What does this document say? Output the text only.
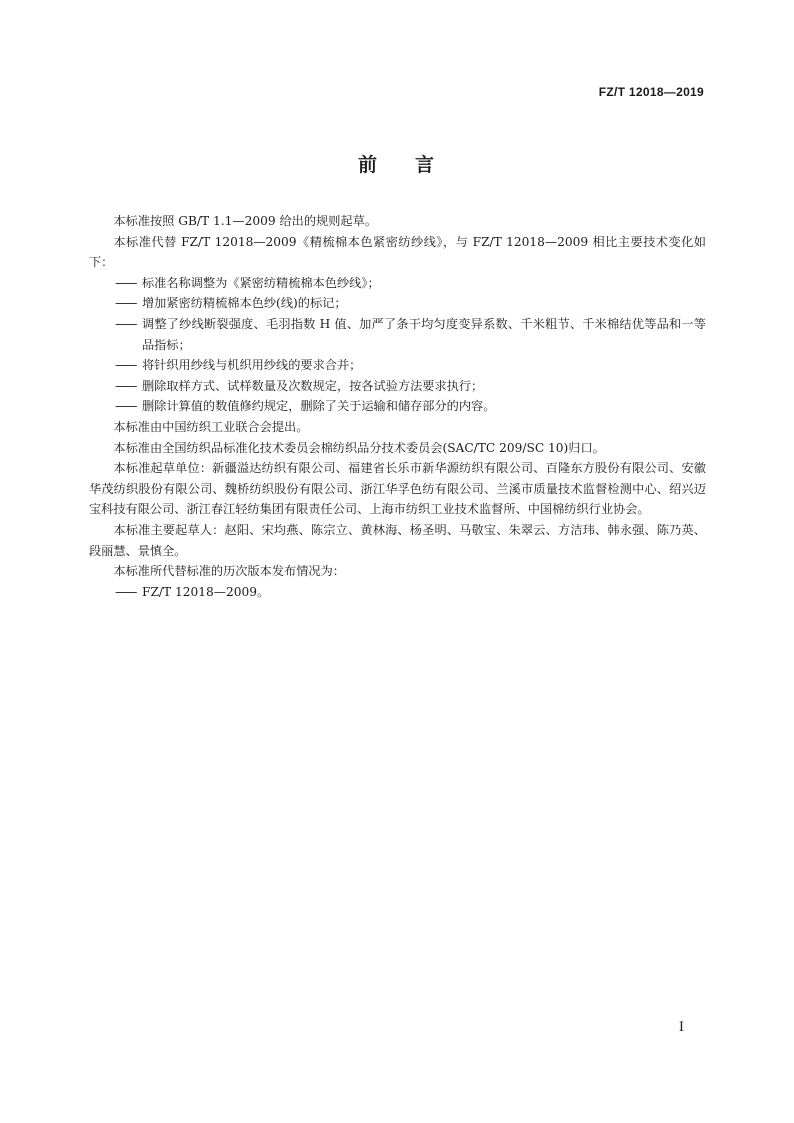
FZ/T 12018—2019
前 言

本标准按照 GB/T 1.1—2009 给出的规则起草。

本标准代替 FZ/T 12018—2009《精梳棉本色紧密纺纱线》，与 FZ/T 12018—2009 相比主要技术变化如下：

—— 标准名称调整为《紧密纺精梳棉本色纱线》；

—— 增加紧密纺精梳棉本色纱(线)的标记；

—— 调整了纱线断裂强度、毛羽指数 H 值、加严了条干均匀度变异系数、千米粗节、千米棉结优等品和一等品指标；

—— 将针织用纱线与机织用纱线的要求合并；

—— 删除取样方式、试样数量及次数规定，按各试验方法要求执行；

—— 删除计算值的数值修约规定，删除了关于运输和储存部分的内容。

本标准由中国纺织工业联合会提出。

本标准由全国纺织品标准化技术委员会棉纺织品分技术委员会(SAC/TC 209/SC 10)归口。

本标准起草单位：新疆溢达纺织有限公司、福建省长乐市新华源纺织有限公司、百隆东方股份有限公司、安徽华茂纺织股份有限公司、魏桥纺织股份有限公司、浙江华孚色纺有限公司、兰溪市质量技术监督检测中心、绍兴迈宝科技有限公司、浙江春江轻纺集团有限责任公司、上海市纺织工业技术监督所、中国棉纺织行业协会。

本标准主要起草人：赵阳、宋均燕、陈宗立、黄林海、杨圣明、马敬宝、朱翠云、方洁玮、韩永强、陈乃英、段丽慧、景慎全。

本标准所代替标准的历次版本发布情况为：

—— FZ/T 12018—2009。

I
